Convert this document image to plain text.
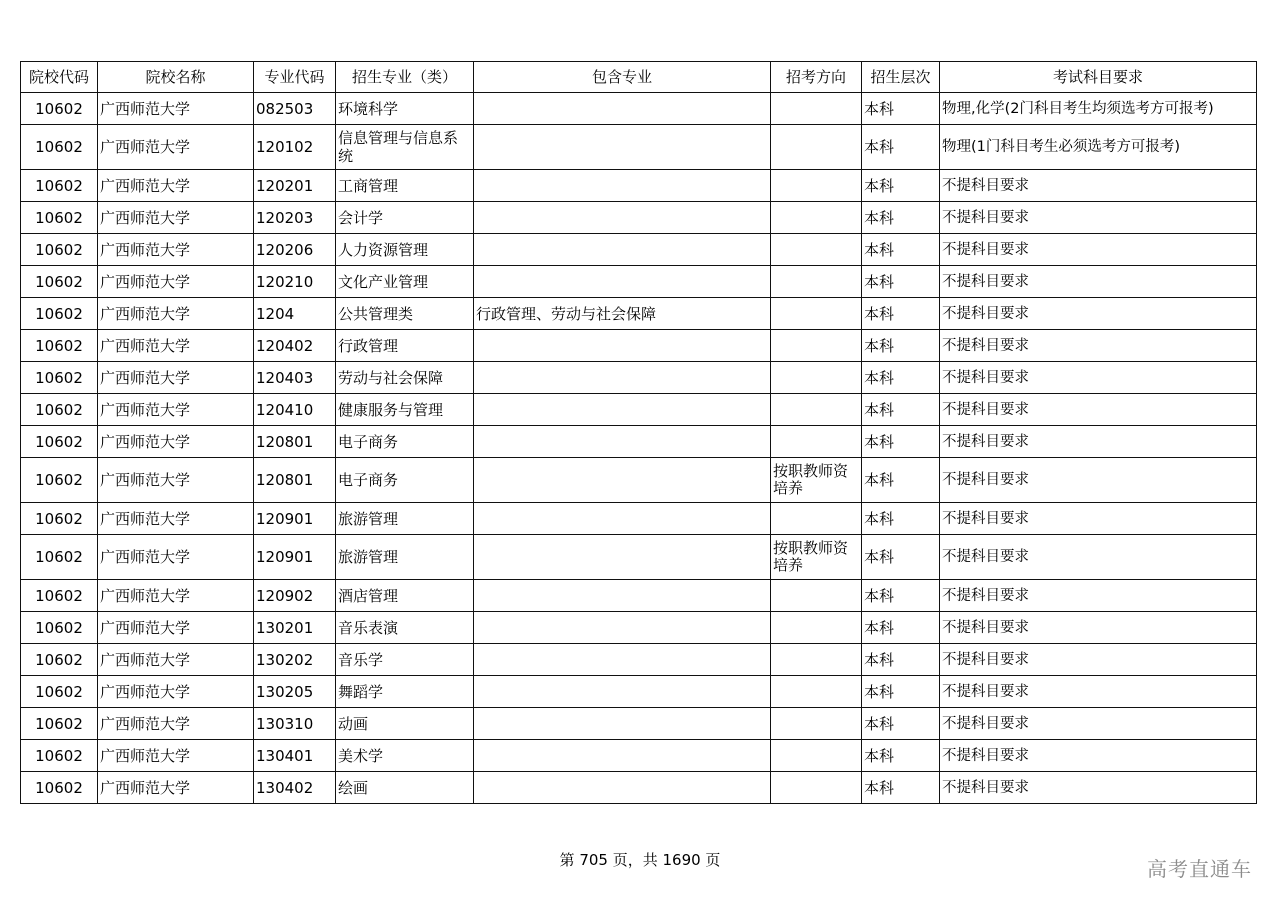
院校代码	院校名称	专业代码	招生专业（类）	包含专业	招考方向	招生层次	考试科目要求
10602	广西师范大学	082503	环境科学			本科	物理,化学(2门科目考生均须选考方可报考)
10602	广西师范大学	120102	信息管理与信息系统			本科	物理(1门科目考生必须选考方可报考)
10602	广西师范大学	120201	工商管理			本科	不提科目要求
10602	广西师范大学	120203	会计学			本科	不提科目要求
10602	广西师范大学	120206	人力资源管理			本科	不提科目要求
10602	广西师范大学	120210	文化产业管理			本科	不提科目要求
10602	广西师范大学	1204	公共管理类	行政管理、劳动与社会保障		本科	不提科目要求
10602	广西师范大学	120402	行政管理			本科	不提科目要求
10602	广西师范大学	120403	劳动与社会保障			本科	不提科目要求
10602	广西师范大学	120410	健康服务与管理			本科	不提科目要求
10602	广西师范大学	120801	电子商务			本科	不提科目要求
10602	广西师范大学	120801	电子商务		按职教师资培养	本科	不提科目要求
10602	广西师范大学	120901	旅游管理			本科	不提科目要求
10602	广西师范大学	120901	旅游管理		按职教师资培养	本科	不提科目要求
10602	广西师范大学	120902	酒店管理			本科	不提科目要求
10602	广西师范大学	130201	音乐表演			本科	不提科目要求
10602	广西师范大学	130202	音乐学			本科	不提科目要求
10602	广西师范大学	130205	舞蹈学			本科	不提科目要求
10602	广西师范大学	130310	动画			本科	不提科目要求
10602	广西师范大学	130401	美术学			本科	不提科目要求
10602	广西师范大学	130402	绘画			本科	不提科目要求
第 705 页，共 1690 页	高考直通车
